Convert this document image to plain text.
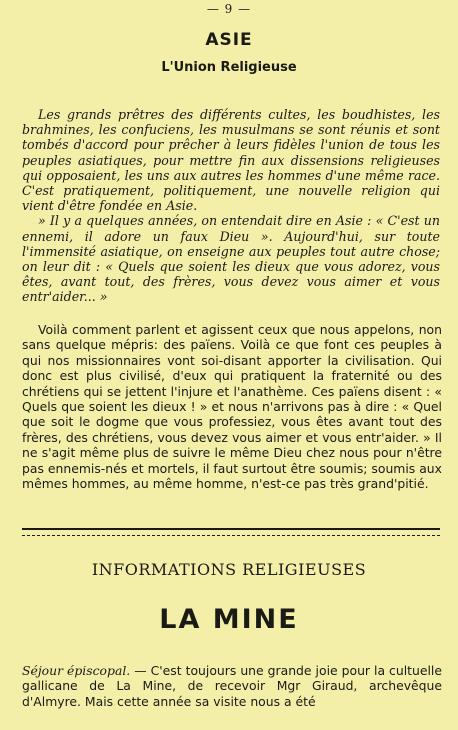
— 9 —
ASIE
L'Union Religieuse

Les grands prêtres des différents cultes, les boudhistes, les brahmines, les confuciens, les musulmans se sont réunis et sont tombés d'accord pour prêcher à leurs fidèles l'union de tous les peuples asiatiques, pour mettre fin aux dissensions religieuses qui opposaient, les uns aux autres les hommes d'une même race. C'est pratiquement, politiquement, une nouvelle religion qui vient d'être fondée en Asie.

» Il y a quelques années, on entendait dire en Asie : « C'est un ennemi, il adore un faux Dieu ». Aujourd'hui, sur toute l'immensité asiatique, on enseigne aux peuples tout autre chose; on leur dit : « Quels que soient les dieux que vous adorez, vous êtes, avant tout, des frères, vous devez vous aimer et vous entr'aider... »

Voilà comment parlent et agissent ceux que nous appelons, non sans quelque mépris: des païens. Voilà ce que font ces peuples à qui nos missionnaires vont soi-disant apporter la civilisation. Qui donc est plus civilisé, d'eux qui pratiquent la fraternité ou des chrétiens qui se jettent l'injure et l'anathème. Ces païens disent : « Quels que soient les dieux ! » et nous n'arrivons pas à dire : « Quel que soit le dogme que vous professiez, vous êtes avant tout des frères, des chrétiens, vous devez vous aimer et vous entr'aider. » Il ne s'agit même plus de suivre le même Dieu chez nous pour n'être pas ennemis-nés et mortels, il faut surtout être soumis; soumis aux mêmes hommes, au même homme, n'est-ce pas très grand'pitié.

INFORMATIONS RELIGIEUSES
LA MINE
Séjour épiscopal. — C'est toujours une grande joie pour la cultuelle gallicane de La Mine, de recevoir Mgr Giraud, archevêque d'Almyre. Mais cette année sa visite nous a été
